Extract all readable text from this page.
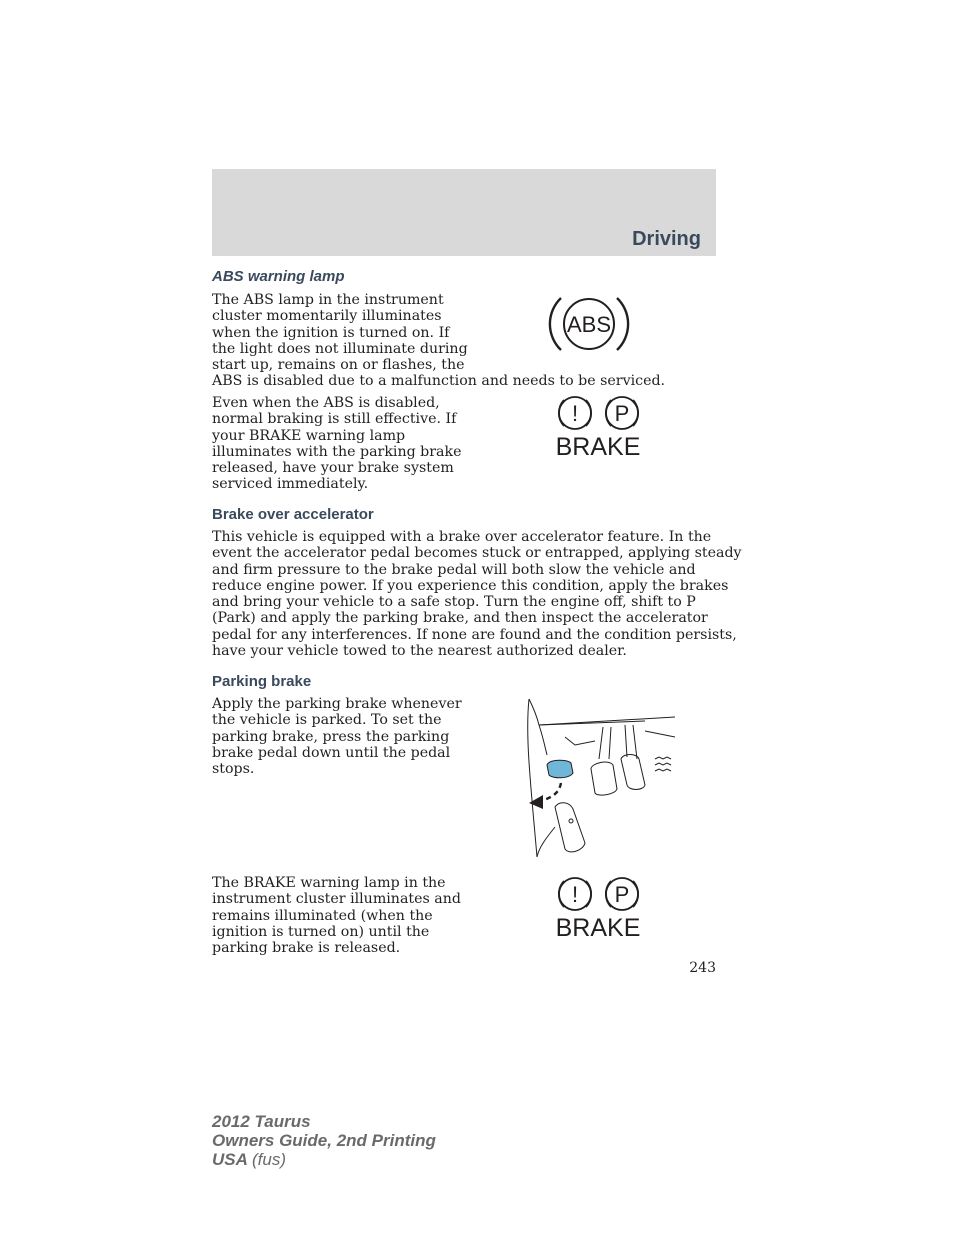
Driving
ABS warning lamp
The ABS lamp in the instrument
cluster momentarily illuminates
when the ignition is turned on. If
the light does not illuminate during
start up, remains on or flashes, the
ABS is disabled due to a malfunction and needs to be serviced.
ABS
Even when the ABS is disabled,
normal braking is still effective. If
your BRAKE warning lamp
illuminates with the parking brake
released, have your brake system
serviced immediately.
! P
BRAKE
Brake over accelerator
This vehicle is equipped with a brake over accelerator feature. In the
event the accelerator pedal becomes stuck or entrapped, applying steady
and firm pressure to the brake pedal will both slow the vehicle and
reduce engine power. If you experience this condition, apply the brakes
and bring your vehicle to a safe stop. Turn the engine off, shift to P
(Park) and apply the parking brake, and then inspect the accelerator
pedal for any interferences. If none are found and the condition persists,
have your vehicle towed to the nearest authorized dealer.
Parking brake
Apply the parking brake whenever
the vehicle is parked. To set the
parking brake, press the parking
brake pedal down until the pedal
stops.
The BRAKE warning lamp in the
instrument cluster illuminates and
remains illuminated (when the
ignition is turned on) until the
parking brake is released.
! P
BRAKE
243
2012 Taurus
Owners Guide, 2nd Printing
USA (fus)
